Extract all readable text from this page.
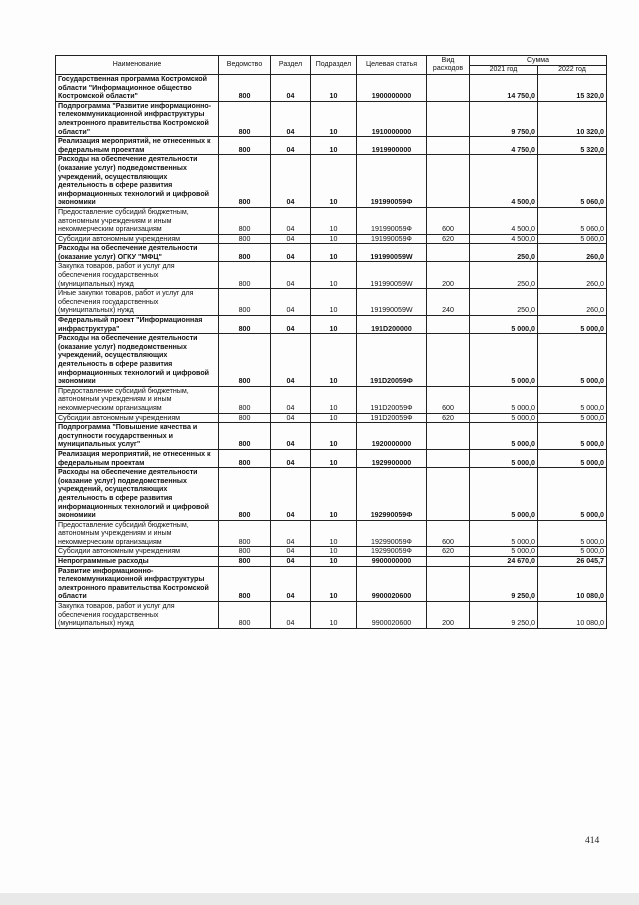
Наименование	Ведомство	Раздел	Подраздел	Целевая статья	Вид расходов	Сумма	
						2021 год	2022 год
Государственная программа Костромской области "Информационное общество Костромской области"	800	04	10	1900000000		14 750,0	15 320,0
Подпрограмма "Развитие информационно-телекоммуникационной инфраструктуры электронного правительства Костромской области"	800	04	10	1910000000		9 750,0	10 320,0
Реализация мероприятий, не отнесенных к федеральным проектам	800	04	10	1919900000		4 750,0	5 320,0
Расходы на обеспечение деятельности (оказание услуг) подведомственных учреждений, осуществляющих деятельность в сфере развития информационных технологий и цифровой экономики	800	04	10	191990059Ф		4 500,0	5 060,0
Предоставление субсидий бюджетным, автономным учреждениям и иным некоммерческим организациям	800	04	10	191990059Ф	600	4 500,0	5 060,0
Субсидии автономным учреждениям	800	04	10	191990059Ф	620	4 500,0	5 060,0
Расходы на обеспечение деятельности (оказание услуг) ОГКУ "МФЦ"	800	04	10	191990059W		250,0	260,0
Закупка товаров, работ и услуг для обеспечения государственных (муниципальных) нужд	800	04	10	191990059W	200	250,0	260,0
Иные закупки товаров, работ и услуг для обеспечения государственных (муниципальных) нужд	800	04	10	191990059W	240	250,0	260,0
Федеральный проект "Информационная инфраструктура"	800	04	10	191D200000		5 000,0	5 000,0
Расходы на обеспечение деятельности (оказание услуг) подведомственных учреждений, осуществляющих деятельность в сфере развития информационных технологий и цифровой экономики	800	04	10	191D20059Ф		5 000,0	5 000,0
Предоставление субсидий бюджетным, автономным учреждениям и иным некоммерческим организациям	800	04	10	191D20059Ф	600	5 000,0	5 000,0
Субсидии автономным учреждениям	800	04	10	191D20059Ф	620	5 000,0	5 000,0
Подпрограмма "Повышение качества и доступности государственных и муниципальных услуг"	800	04	10	1920000000		5 000,0	5 000,0
Реализация мероприятий, не отнесенных к федеральным проектам	800	04	10	1929900000		5 000,0	5 000,0
Расходы на обеспечение деятельности (оказание услуг) подведомственных учреждений, осуществляющих деятельность в сфере развития информационных технологий и цифровой экономики	800	04	10	192990059Ф		5 000,0	5 000,0
Предоставление субсидий бюджетным, автономным учреждениям и иным некоммерческим организациям	800	04	10	192990059Ф	600	5 000,0	5 000,0
Субсидии автономным учреждениям	800	04	10	192990059Ф	620	5 000,0	5 000,0
Непрограммные расходы	800	04	10	9900000000		24 670,0	26 045,7
Развитие информационно-телекоммуникационной инфраструктуры электронного правительства Костромской области	800	04	10	9900020600		9 250,0	10 080,0
Закупка товаров, работ и услуг для обеспечения государственных (муниципальных) нужд	800	04	10	9900020600	200	9 250,0	10 080,0
414
